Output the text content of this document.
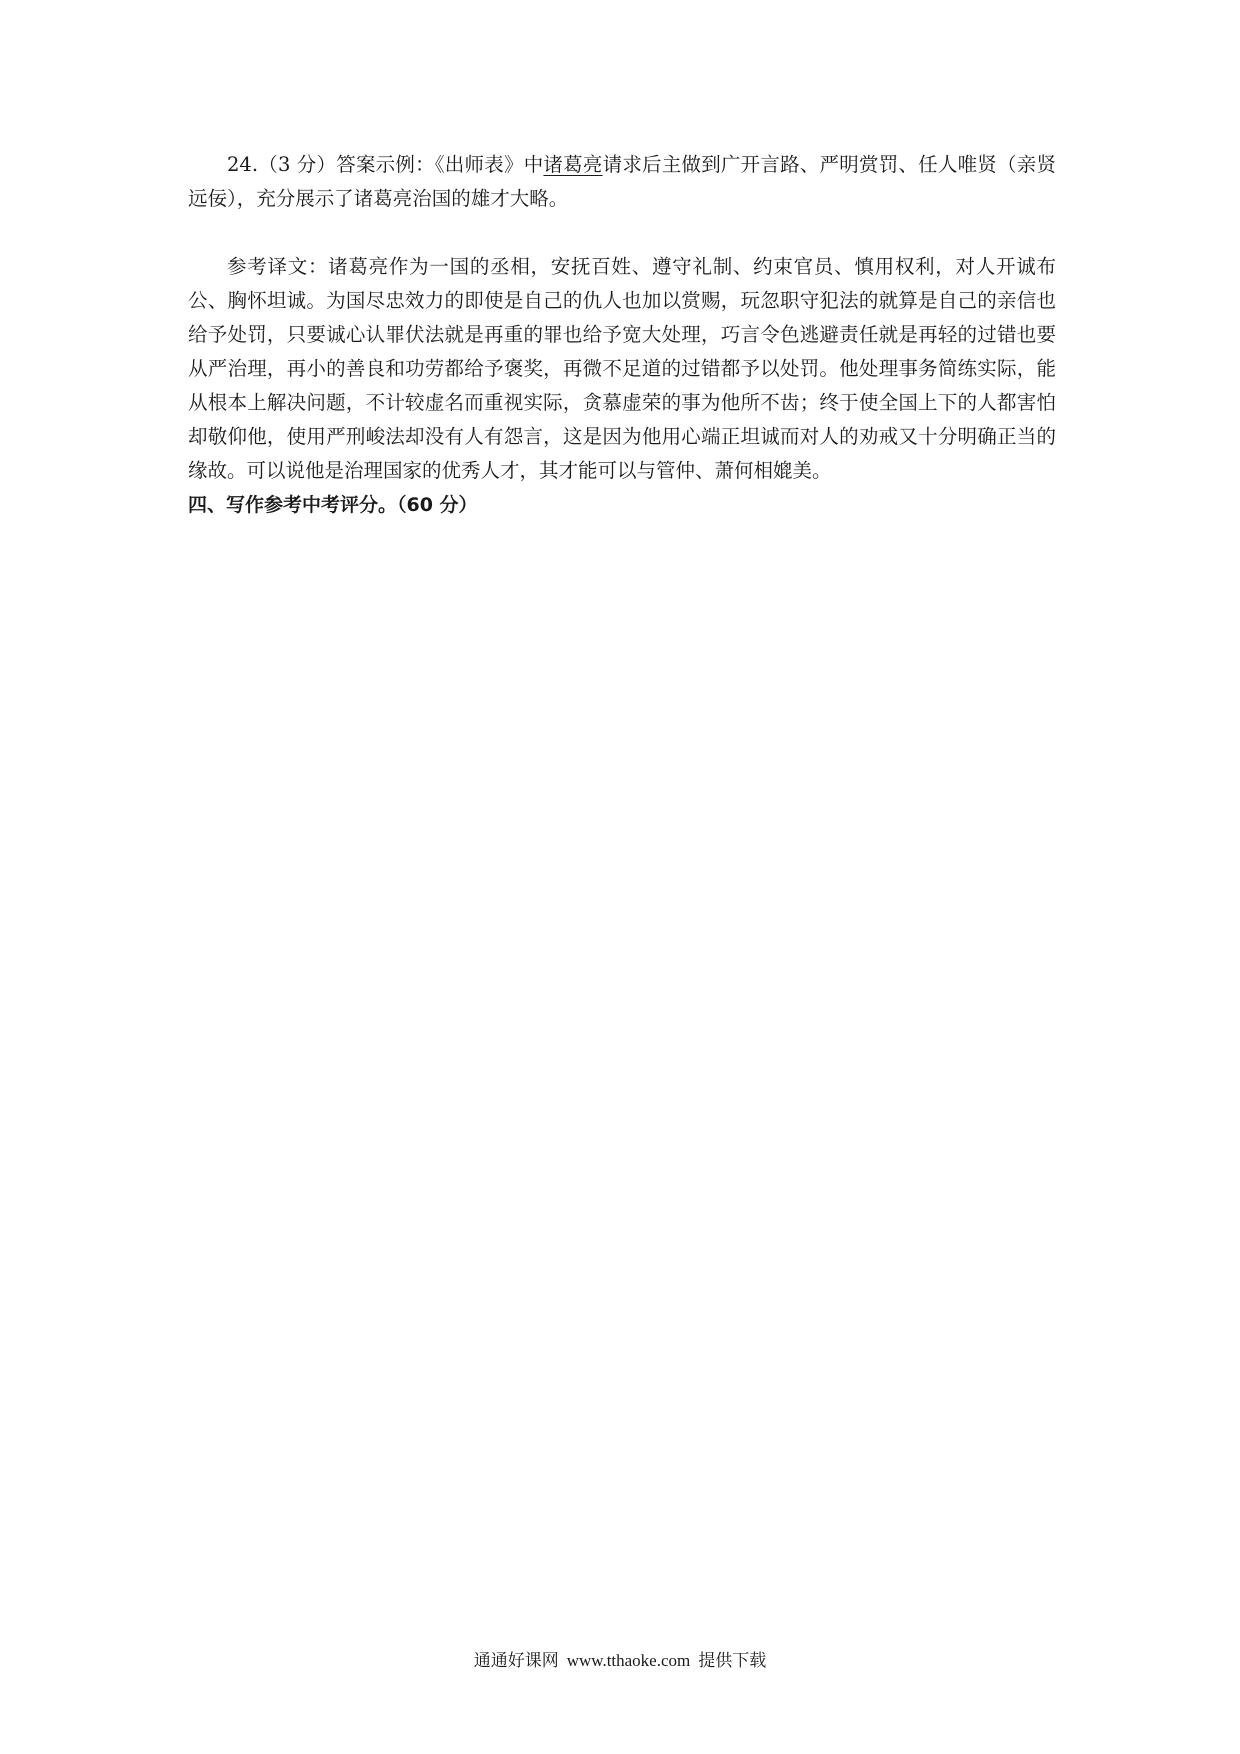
24.（3 分）答案示例：《出师表》中诸葛亮请求后主做到广开言路、严明赏罚、任人唯贤（亲贤远佞），充分展示了诸葛亮治国的雄才大略。

参考译文：诸葛亮作为一国的丞相，安抚百姓、遵守礼制、约束官员、慎用权利，对人开诚布公、胸怀坦诚。为国尽忠效力的即使是自己的仇人也加以赏赐，玩忽职守犯法的就算是自己的亲信也给予处罚，只要诚心认罪伏法就是再重的罪也给予宽大处理，巧言令色逃避责任就是再轻的过错也要从严治理，再小的善良和功劳都给予褒奖，再微不足道的过错都予以处罚。他处理事务简练实际，能从根本上解决问题，不计较虚名而重视实际，贪慕虚荣的事为他所不齿；终于使全国上下的人都害怕却敬仰他，使用严刑峻法却没有人有怨言，这是因为他用心端正坦诚而对人的劝戒又十分明确正当的缘故。可以说他是治理国家的优秀人才，其才能可以与管仲、萧何相媲美。

四、写作参考中考评分。（60 分）

通通好课网 www.tthaoke.com 提供下载
